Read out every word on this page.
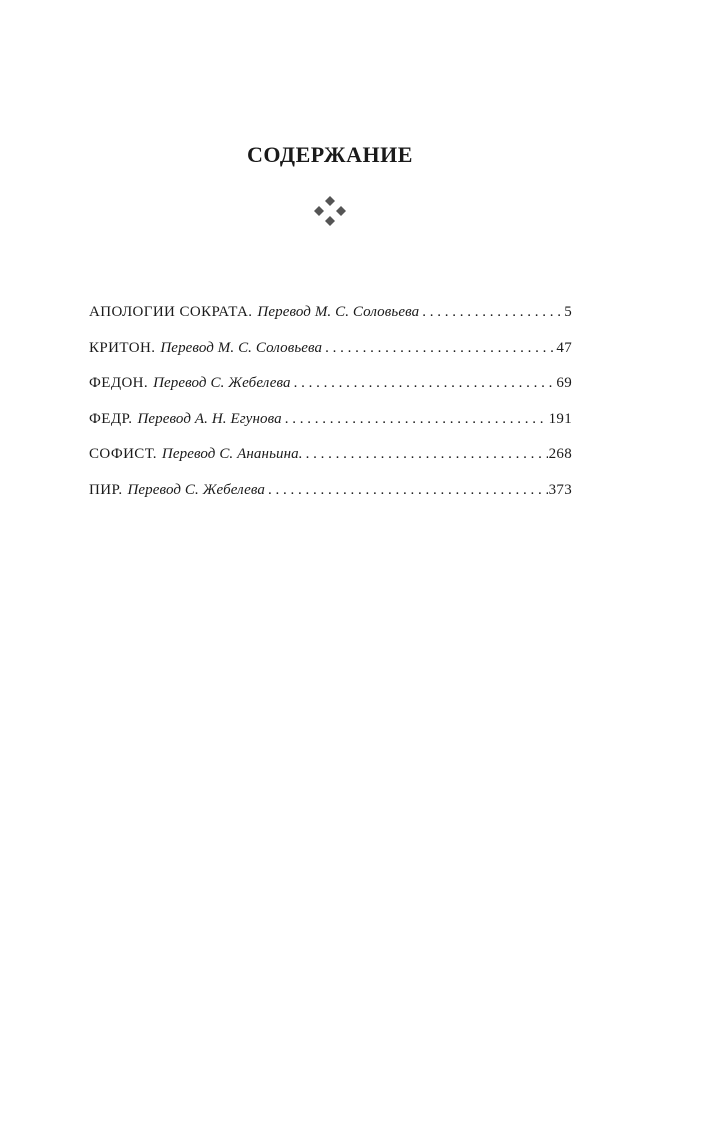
СОДЕРЖАНИЕ
АПОЛОГИИ СОКРАТА. Перевод М. С. Соловьева . . .	5
КРИТОН. Перевод М. С. Соловьева . . .	47
ФЕДОН. Перевод С. Жебелева . . .	69
ФЕДР. Перевод А. Н. Егунова . . .	191
СОФИСТ. Перевод С. Ананьина. . . .	268
ПИР. Перевод С. Жебелева . . .	373
